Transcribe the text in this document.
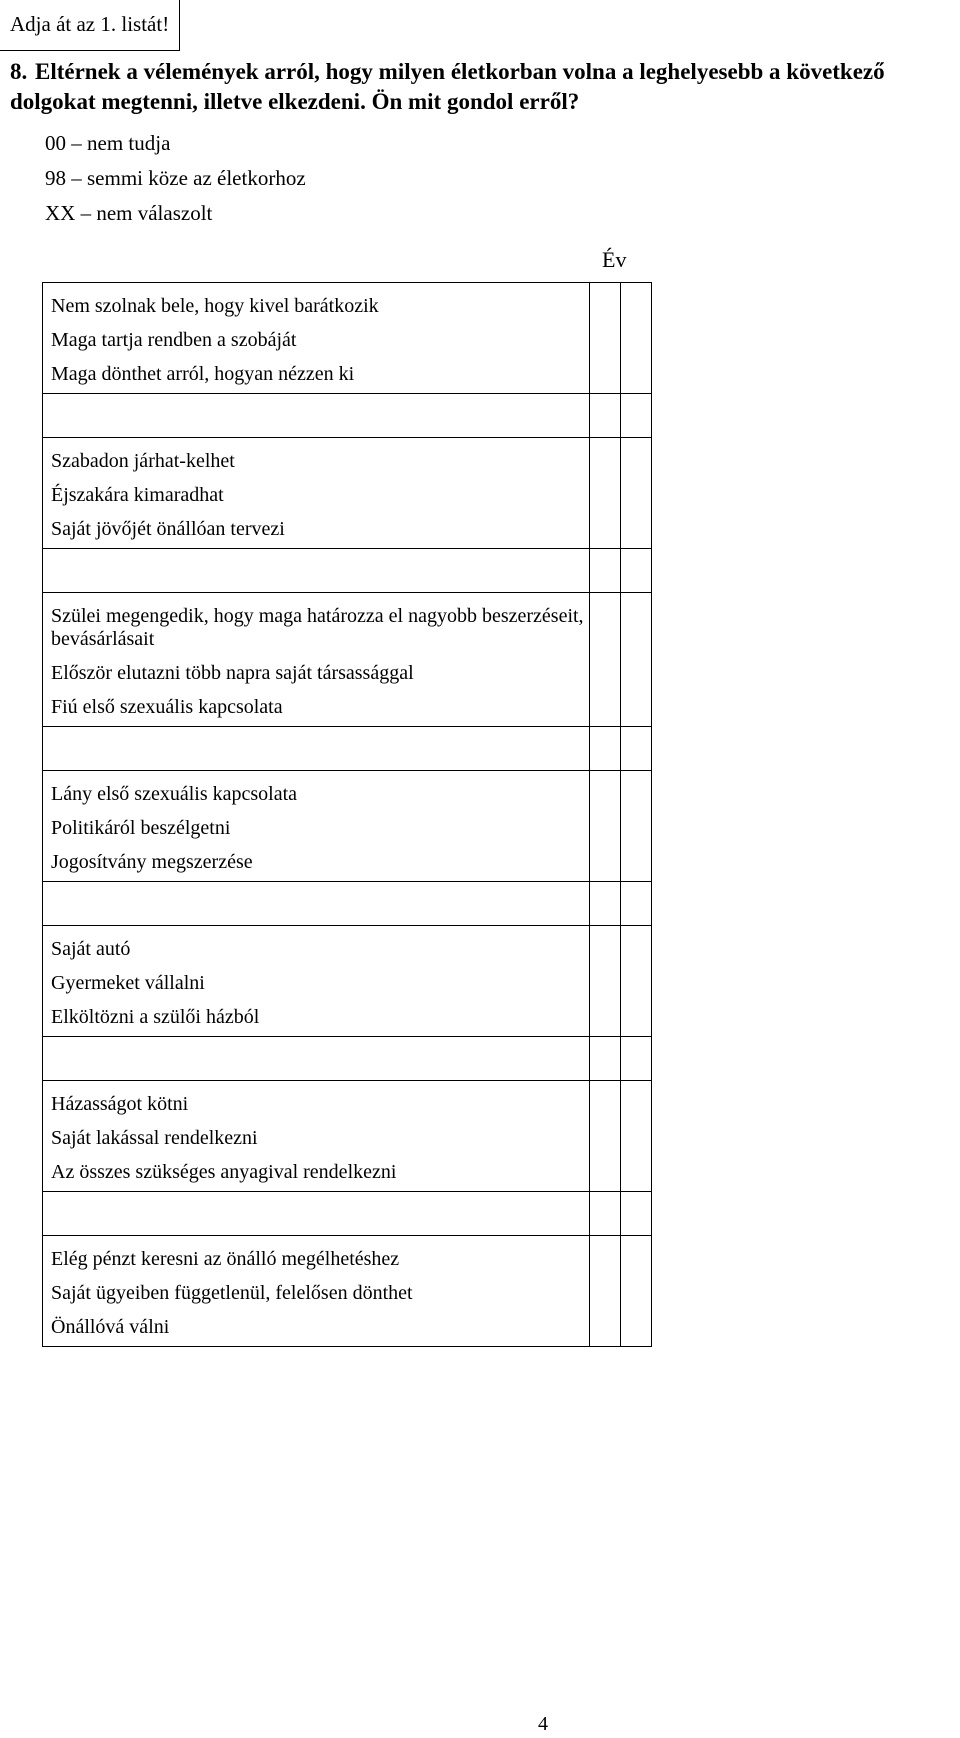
Adja át az 1. listát!
8. Eltérnek a vélemények arról, hogy milyen életkorban volna a leghelyesebb a következő dolgokat megtenni, illetve elkezdeni. Ön mit gondol erről?
00 – nem tudja
98 – semmi köze az életkorhoz
XX – nem válaszolt
Év
Nem szolnak bele, hogy kivel barátkozik
Maga tartja rendben a szobáját
Maga dönthet arról, hogyan nézzen ki		

Szabadon járhat-kelhet
Éjszakára kimaradhat
Saját jövőjét önállóan tervezi		

Szülei megengedik, hogy maga határozza el nagyobb beszerzéseit, bevásárlásait
Először elutazni több napra saját társassággal
Fiú első szexuális kapcsolata		

Lány első szexuális kapcsolata
Politikáról beszélgetni
Jogosítvány megszerzése		

Saját autó
Gyermeket vállalni
Elköltözni a szülői házból		

Házasságot kötni
Saját lakással rendelkezni
Az összes szükséges anyagival rendelkezni		

Elég pénzt keresni az önálló megélhetéshez
Saját ügyeiben függetlenül, felelősen dönthet
Önállóvá válni		

4
